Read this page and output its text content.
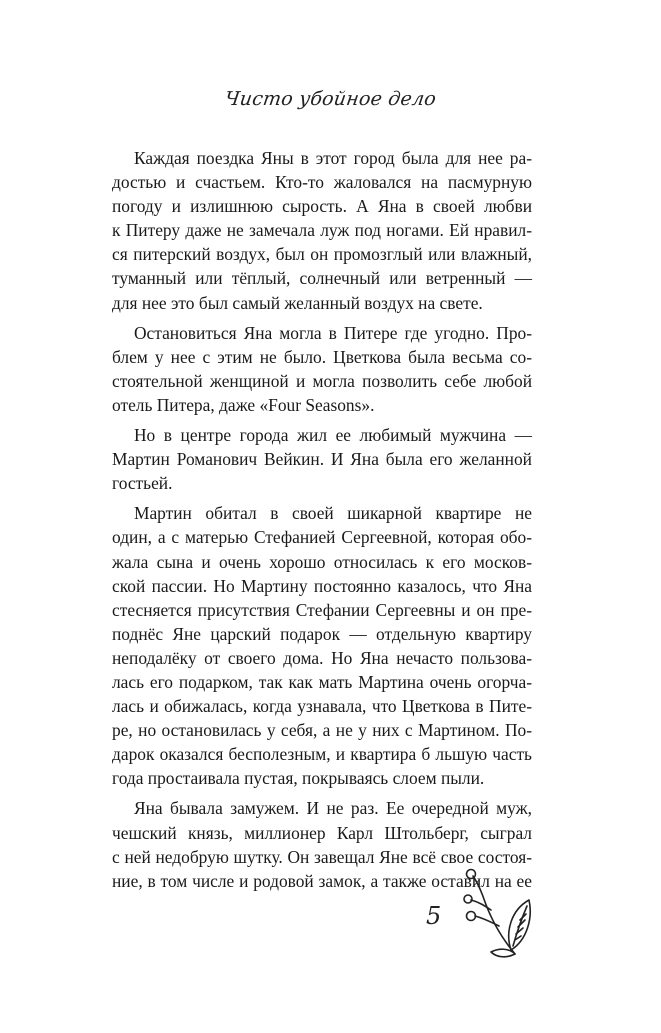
Чисто убойное дело
Каждая поездка Яны в этот город была для нее ра-
достью и счастьем. Кто-то жаловался на пасмурную
погоду и излишнюю сырость. А Яна в своей любви
к Питеру даже не замечала луж под ногами. Ей нравил-
ся питерский воздух, был он промозглый или влажный,
туманный или тёплый, солнечный или ветренный —
для нее это был самый желанный воздух на свете.
Остановиться Яна могла в Питере где угодно. Про-
блем у нее с этим не было. Цветкова была весьма со-
стоятельной женщиной и могла позволить себе любой
отель Питера, даже «Four Seasons».
Но в центре города жил ее любимый мужчина —
Мартин Романович Вейкин. И Яна была его желанной
гостьей.
Мартин обитал в своей шикарной квартире не
один, а с матерью Стефанией Сергеевной, которая обо-
жала сына и очень хорошо относилась к его москов-
ской пассии. Но Мартину постоянно казалось, что Яна
стесняется присутствия Стефании Сергеевны и он пре-
поднёс Яне царский подарок — отдельную квартиру
неподалёку от своего дома. Но Яна нечасто пользова-
лась его подарком, так как мать Мартина очень огорча-
лась и обижалась, когда узнавала, что Цветкова в Пите-
ре, но остановилась у себя, а не у них с Мартином. По-
дарок оказался бесполезным, и квартира б льшую часть
года простаивала пустая, покрываясь слоем пыли.
Яна бывала замужем. И не раз. Ее очередной муж,
чешский князь, миллионер Карл Штольберг, сыграл
с ней недобрую шутку. Он завещал Яне всё свое состоя-
ние, в том числе и родовой замок, а также оставил на ее
5
